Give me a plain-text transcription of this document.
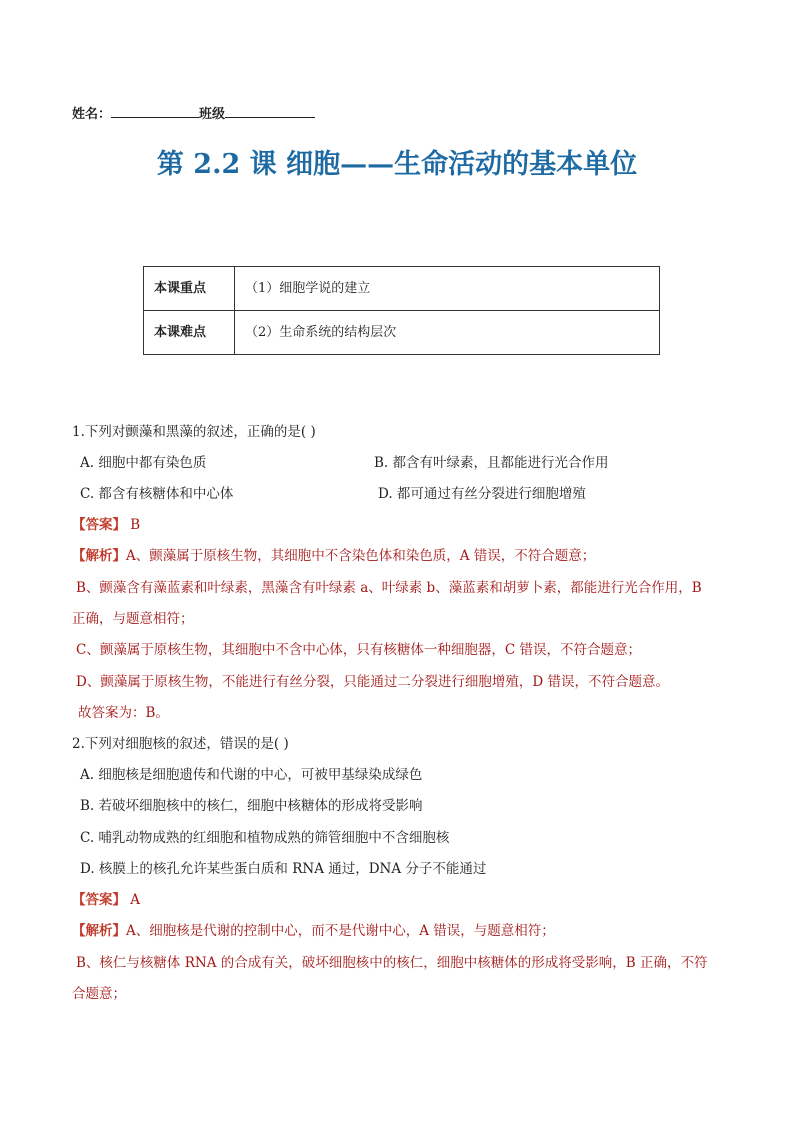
姓名：	班级
第 2.2 课 细胞——生命活动的基本单位
本课重点	（1）细胞学说的建立
本课难点	（2）生命系统的结构层次
1.下列对颤藻和黑藻的叙述，正确的是( )
A. 细胞中都有染色质	B. 都含有叶绿素，且都能进行光合作用
C. 都含有核糖体和中心体	D. 都可通过有丝分裂进行细胞增殖
【答案】 B
【解析】A、颤藻属于原核生物，其细胞中不含染色体和染色质，A 错误，不符合题意；
B、颤藻含有藻蓝素和叶绿素，黑藻含有叶绿素 a、叶绿素 b、藻蓝素和胡萝卜素，都能进行光合作用，B
正确，与题意相符；
C、颤藻属于原核生物，其细胞中不含中心体，只有核糖体一种细胞器，C 错误，不符合题意；
D、颤藻属于原核生物，不能进行有丝分裂，只能通过二分裂进行细胞增殖，D 错误，不符合题意。
故答案为：B。
2.下列对细胞核的叙述，错误的是( )
A. 细胞核是细胞遗传和代谢的中心，可被甲基绿染成绿色
B. 若破坏细胞核中的核仁，细胞中核糖体的形成将受影响
C. 哺乳动物成熟的红细胞和植物成熟的筛管细胞中不含细胞核
D. 核膜上的核孔允许某些蛋白质和 RNA 通过，DNA 分子不能通过
【答案】 A
【解析】A、细胞核是代谢的控制中心，而不是代谢中心，A 错误，与题意相符；
B、核仁与核糖体 RNA 的合成有关，破坏细胞核中的核仁，细胞中核糖体的形成将受影响，B 正确，不符
合题意；
